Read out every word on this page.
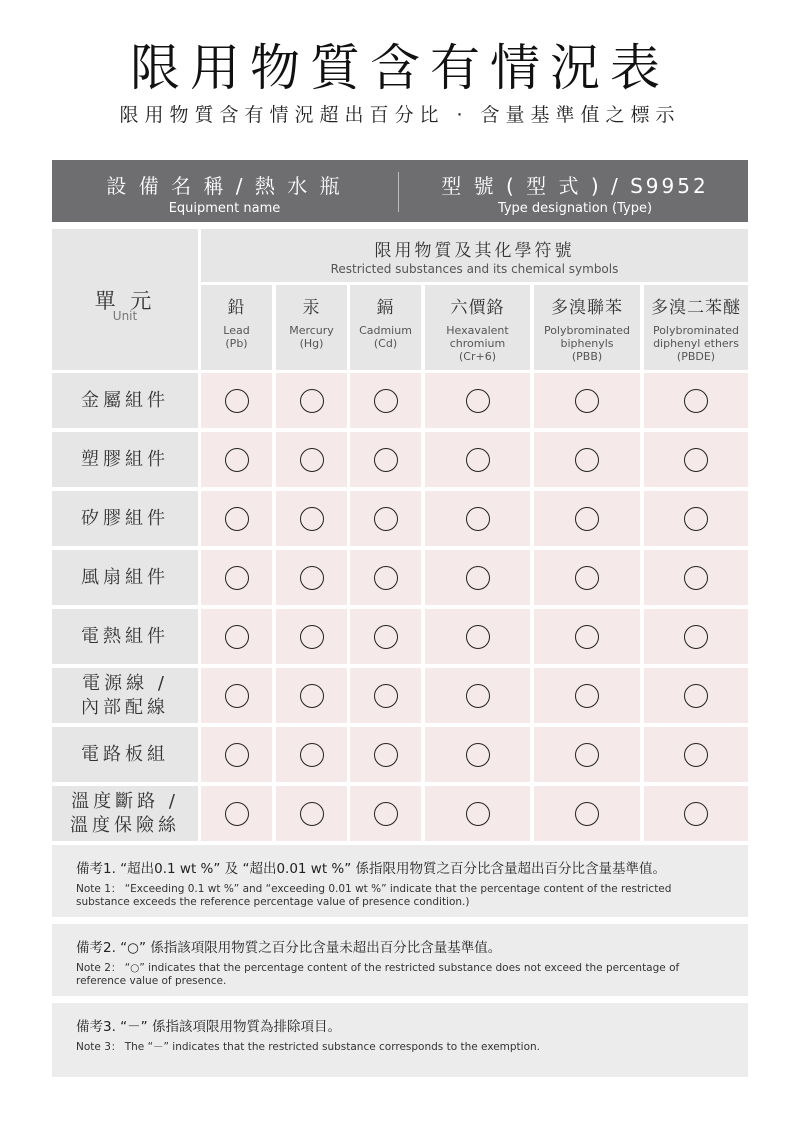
限用物質含有情況表
限用物質含有情況超出百分比 · 含量基準值之標示
設 備 名 稱 / 熱 水 瓶
Equipment name
型 號 ( 型 式 ) / S9952
Type designation (Type)
單 元
Unit
限用物質及其化學符號
Restricted substances and its chemical symbols
鉛
Lead
(Pb)
汞
Mercury
(Hg)
鎘
Cadmium
(Cd)
六價鉻
Hexavalent
chromium
(Cr+6)
多溴聯苯
Polybrominated
biphenyls
(PBB)
多溴二苯醚
Polybrominated
diphenyl ethers
(PBDE)
金屬組件
塑膠組件
矽膠組件
風扇組件
電熱組件
電源線 /
內部配線
電路板組
溫度斷路 /
溫度保險絲
備考1. “超出0.1 wt %” 及 “超出0.01 wt %” 係指限用物質之百分比含量超出百分比含量基準值。
Note 1： “Exceeding 0.1 wt %” and “exceeding 0.01 wt %” indicate that the percentage content of the restricted substance exceeds the reference percentage value of presence condition.)
備考2. “○” 係指該項限用物質之百分比含量未超出百分比含量基準值。
Note 2： “○” indicates that the percentage content of the restricted substance does not exceed the percentage of reference value of presence.
備考3. “－” 係指該項限用物質為排除項目。
Note 3： The “－” indicates that the restricted substance corresponds to the exemption.
